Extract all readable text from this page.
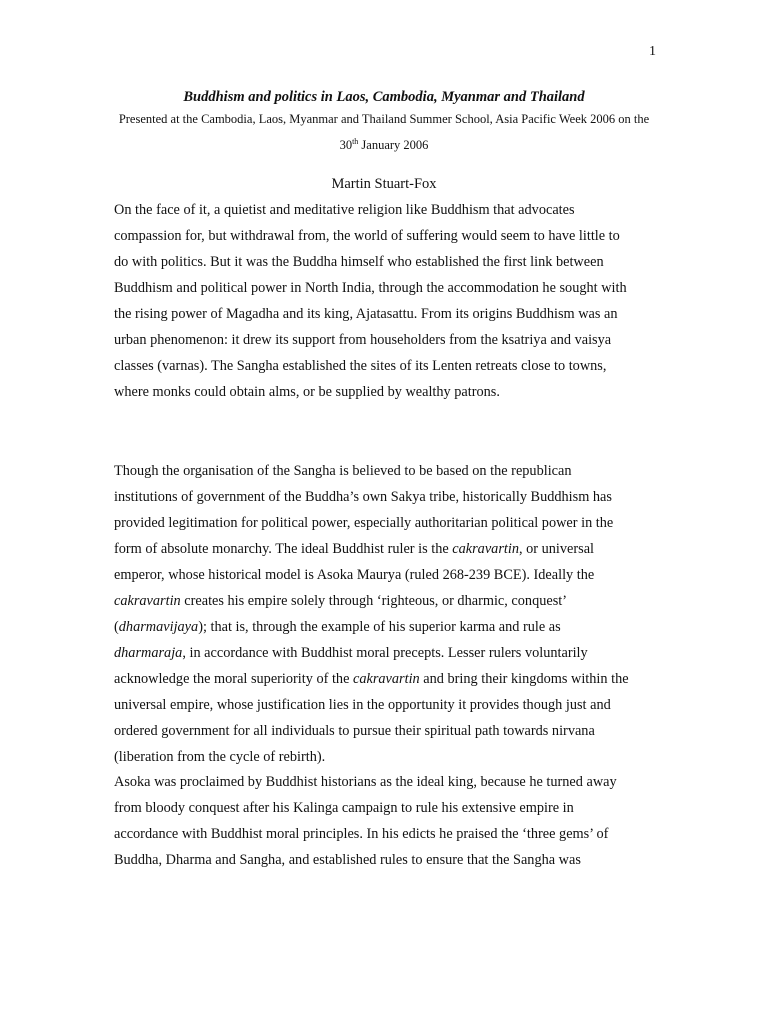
1
Buddhism and politics in Laos, Cambodia, Myanmar and Thailand
Presented at the Cambodia, Laos, Myanmar and Thailand Summer School, Asia Pacific Week 2006 on the
30th January 2006
Martin Stuart-Fox

On the face of it, a quietist and meditative religion like Buddhism that advocates
compassion for, but withdrawal from, the world of suffering would seem to have little to
do with politics. But it was the Buddha himself who established the first link between
Buddhism and political power in North India, through the accommodation he sought with
the rising power of Magadha and its king, Ajatasattu. From its origins Buddhism was an
urban phenomenon: it drew its support from householders from the ksatriya and vaisya
classes (varnas). The Sangha established the sites of its Lenten retreats close to towns,
where monks could obtain alms, or be supplied by wealthy patrons.

Though the organisation of the Sangha is believed to be based on the republican
institutions of government of the Buddha’s own Sakya tribe, historically Buddhism has
provided legitimation for political power, especially authoritarian political power in the
form of absolute monarchy. The ideal Buddhist ruler is the cakravartin, or universal
emperor, whose historical model is Asoka Maurya (ruled 268-239 BCE). Ideally the
cakravartin creates his empire solely through ‘righteous, or dharmic, conquest’
(dharmavijaya); that is, through the example of his superior karma and rule as
dharmaraja, in accordance with Buddhist moral precepts. Lesser rulers voluntarily
acknowledge the moral superiority of the cakravartin and bring their kingdoms within the
universal empire, whose justification lies in the opportunity it provides though just and
ordered government for all individuals to pursue their spiritual path towards nirvana
(liberation from the cycle of rebirth).

Asoka was proclaimed by Buddhist historians as the ideal king, because he turned away
from bloody conquest after his Kalinga campaign to rule his extensive empire in
accordance with Buddhist moral principles. In his edicts he praised the ‘three gems’ of
Buddha, Dharma and Sangha, and established rules to ensure that the Sangha was
